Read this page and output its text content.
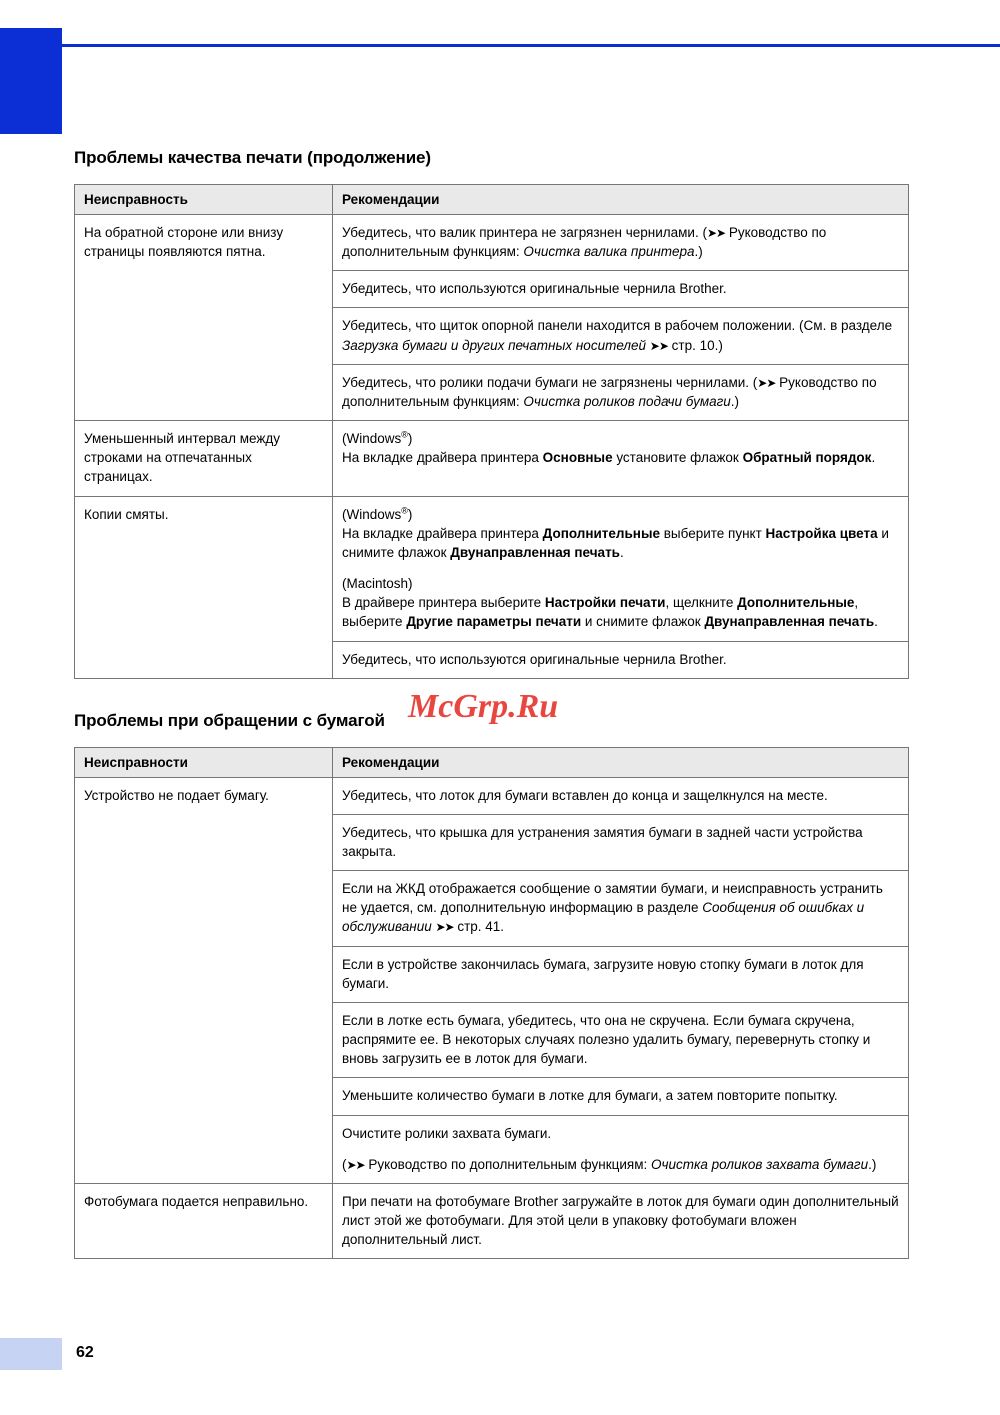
Проблемы качества печати (продолжение)
Неисправность	Рекомендации
На обратной стороне или внизу страницы появляются пятна.	Убедитесь, что валик принтера не загрязнен чернилами. (➤➤ Руководство по дополнительным функциям: Очистка валика принтера.)

	Убедитесь, что используются оригинальные чернила Brother.

	Убедитесь, что щиток опорной панели находится в рабочем положении. (См. в разделе Загрузка бумаги и других печатных носителей ➤➤ стр. 10.)

	Убедитесь, что ролики подачи бумаги не загрязнены чернилами. (➤➤ Руководство по дополнительным функциям: Очистка роликов подачи бумаги.)

Уменьшенный интервал между строками на отпечатанных страницах.	(Windows®)
На вкладке драйвера принтера Основные установите флажок Обратный порядок.

Копии смяты.	(Windows®)
На вкладке драйвера принтера Дополнительные выберите пункт Настройка цвета и снимите флажок Двунаправленная печать.

(Macintosh)
В драйвере принтера выберите Настройки печати, щелкните Дополнительные, выберите Другие параметры печати и снимите флажок Двунаправленная печать.

	Убедитесь, что используются оригинальные чернила Brother.

Проблемы при обращении с бумагой
Неисправности	Рекомендации
Устройство не подает бумагу.	Убедитесь, что лоток для бумаги вставлен до конца и защелкнулся на месте.

	Убедитесь, что крышка для устранения замятия бумаги в задней части устройства закрыта.

	Если на ЖКД отображается сообщение о замятии бумаги, и неисправность устранить не удается, см. дополнительную информацию в разделе Сообщения об ошибках и обслуживании ➤➤ стр. 41.

	Если в устройстве закончилась бумага, загрузите новую стопку бумаги в лоток для бумаги.

	Если в лотке есть бумага, убедитесь, что она не скручена. Если бумага скручена, распрямите ее. В некоторых случаях полезно удалить бумагу, перевернуть стопку и вновь загрузить ее в лоток для бумаги.

	Уменьшите количество бумаги в лотке для бумаги, а затем повторите попытку.

	Очистите ролики захвата бумаги.

(➤➤ Руководство по дополнительным функциям: Очистка роликов захвата бумаги.)

Фотобумага подается неправильно.	При печати на фотобумаге Brother загружайте в лоток для бумаги один дополнительный лист этой же фотобумаги. Для этой цели в упаковку фотобумаги вложен дополнительный лист.

McGrp.Ru
62
